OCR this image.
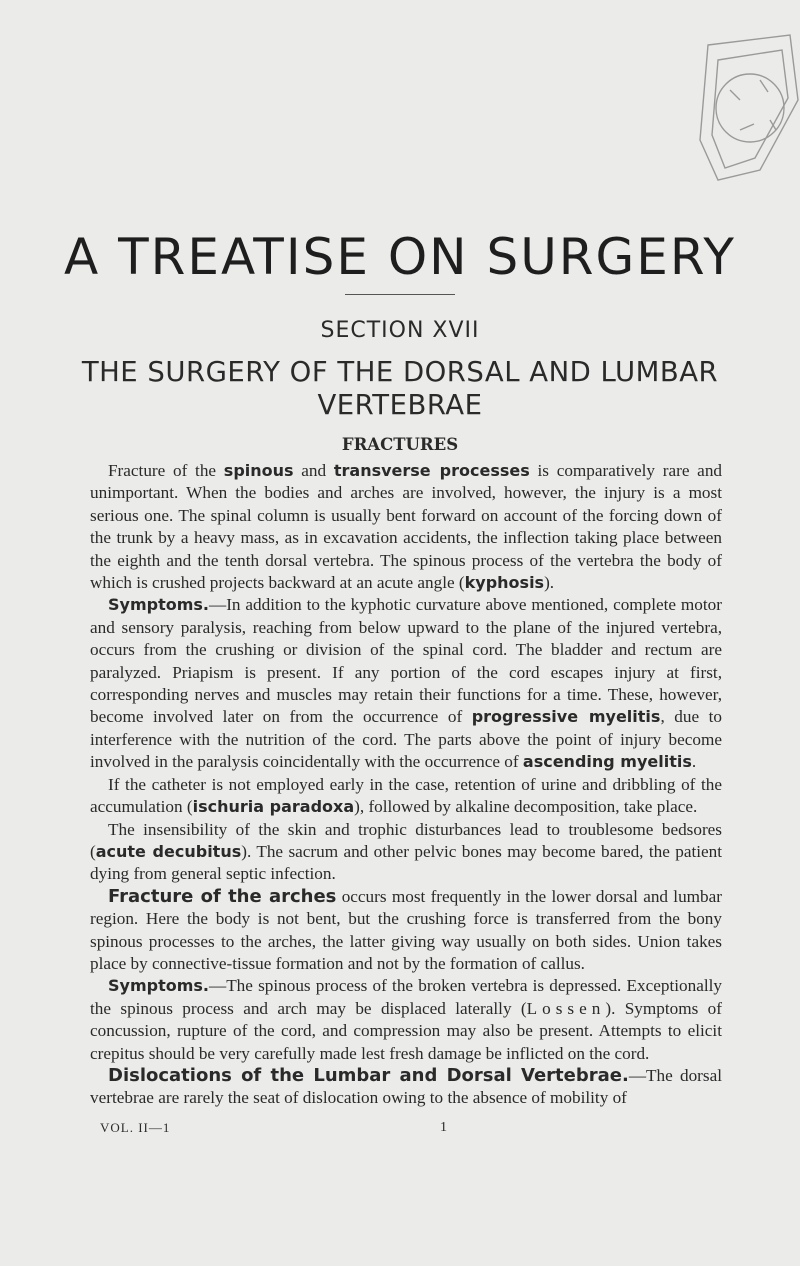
A TREATISE ON SURGERY
SECTION XVII
THE SURGERY OF THE DORSAL AND LUMBAR VERTEBRAE
FRACTURES

Fracture of the spinous and transverse processes is comparatively rare and unimportant. When the bodies and arches are involved, however, the injury is a most serious one. The spinal column is usually bent forward on account of the forcing down of the trunk by a heavy mass, as in excavation accidents, the inflection taking place between the eighth and the tenth dorsal vertebra. The spinous process of the vertebra the body of which is crushed projects backward at an acute angle (kyphosis).

Symptoms.—In addition to the kyphotic curvature above mentioned, complete motor and sensory paralysis, reaching from below upward to the plane of the injured vertebra, occurs from the crushing or division of the spinal cord. The bladder and rectum are paralyzed. Priapism is present. If any portion of the cord escapes injury at first, corresponding nerves and muscles may retain their functions for a time. These, however, become involved later on from the occurrence of progressive myelitis, due to interference with the nutrition of the cord. The parts above the point of injury become involved in the paralysis coincidentally with the occurrence of ascending myelitis.

If the catheter is not employed early in the case, retention of urine and dribbling of the accumulation (ischuria paradoxa), followed by alkaline decomposition, take place.

The insensibility of the skin and trophic disturbances lead to troublesome bedsores (acute decubitus). The sacrum and other pelvic bones may become bared, the patient dying from general septic infection.

Fracture of the arches occurs most frequently in the lower dorsal and lumbar region. Here the body is not bent, but the crushing force is transferred from the bony spinous processes to the arches, the latter giving way usually on both sides. Union takes place by connective-tissue formation and not by the formation of callus.

Symptoms.—The spinous process of the broken vertebra is depressed. Exceptionally the spinous process and arch may be displaced laterally (Lossen). Symptoms of concussion, rupture of the cord, and compression may also be present. Attempts to elicit crepitus should be very carefully made lest fresh damage be inflicted on the cord.

Dislocations of the Lumbar and Dorsal Vertebrae.—The dorsal vertebrae are rarely the seat of dislocation owing to the absence of mobility of

VOL. II—1	1
